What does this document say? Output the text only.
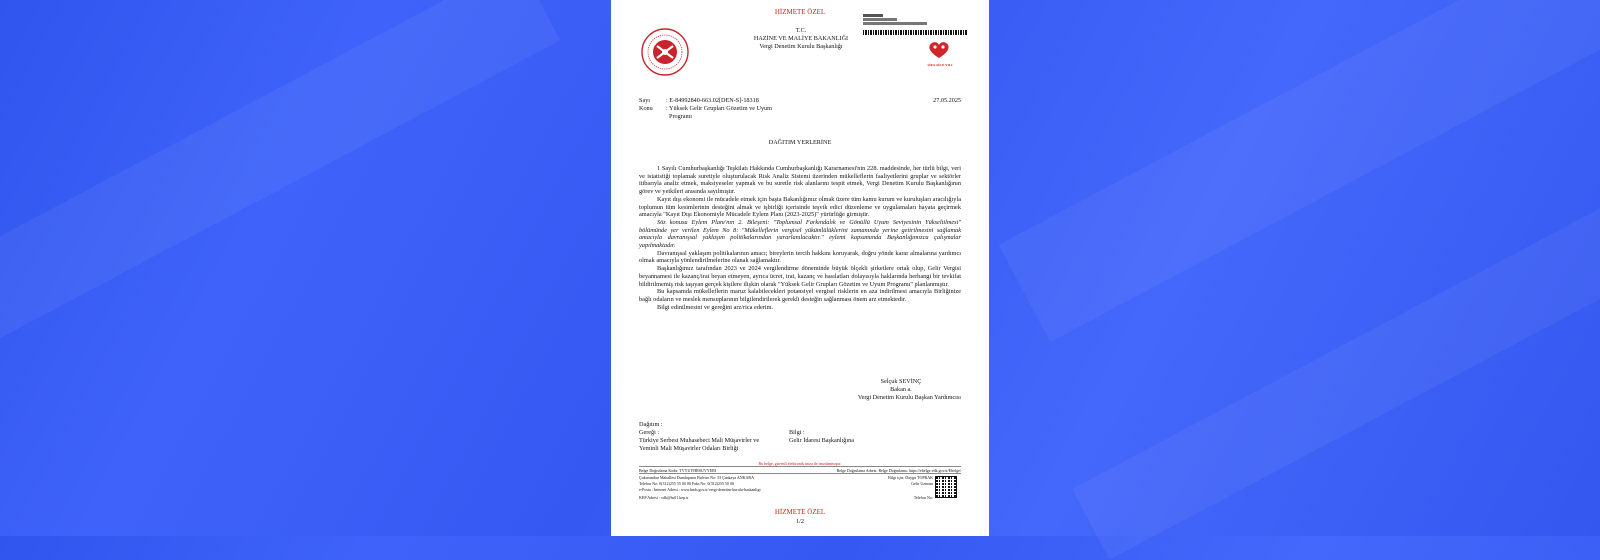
HİZMETE ÖZEL
T.C.
HAZİNE VE MALİYE BAKANLIĞI
Vergi Denetim Kurulu Başkanlığı
ŞİFA AİLE YILI
Sayı	: E-84992840-663.02[DEN-S]-18318	27.05.2025
Konu : Yüksek Gelir Grupları Gözetim ve Uyum
Programı
DAĞITIM YERLERİNE

1 Sayılı Cumhurbaşkanlığı Teşkilatı Hakkında Cumhurbaşkanlığı Kararnamesi'nin 228. maddesinde, her türlü bilgi, veri ve istatistiği toplamak suretiyle oluşturulacak Risk Analiz Sistemi üzerinden mükelleflerin faaliyetlerini gruplar ve sektörler itibarıyla analiz etmek, maksiyeseler yapmak ve bu suretle risk alanlarını tespit etmek, Vergi Denetim Kurulu Başkanlığının görev ve yetkileri arasında sayılmıştır.

Kayıt dışı ekonomi ile mücadele etmek için başta Bakanlığımız olmak üzere tüm kamu kurum ve kuruluşları aracılığıyla toplumun tüm kesimlerinin desteğini almak ve işbirliği içerisinde teşvik edici düzenleme ve uygulamaları hayata geçirmek amacıyla "Kayıt Dışı Ekonomiyle Mücadele Eylem Planı (2023-2025)" yürürlüğe girmiştir.

Söz konusu Eylem Planı'nın 2. Bileşeni: "Toplumsal Farkındalık ve Gönüllü Uyum Seviyesinin Yükseltilmesi" bölümünde yer verilen Eylem No 8: "Mükelleflerin vergisel yükümlülüklerini zamanında yerine getirilmesini sağlamak amacıyla davranışsal yaklaşım politikalarından yararlanılacaktır." eylemi kapsamında Başkanlığımızca çalışmalar yapılmaktadır.

Davranışsal yaklaşım politikalarının amacı; bireylerin tercih hakkını koruyarak, doğru yönde karar almalarına yardımcı olmak amacıyla yönlendirilmelerine olanak sağlamaktır.

Başkanlığımız tarafından 2023 ve 2024 vergilendirme döneminde büyük ölçekli şirketlere ortak olup, Gelir Vergisi beyannamesi ile kazanç/irat beyan etmeyen, ayrıca ücret, irat, kazanç ve hasılatları dolayısıyla haklarında herhangi bir tevkifat bildirilmemiş risk taşıyan gerçek kişilere ilişkin olarak "Yüksek Gelir Grupları Gözetim ve Uyum Programı" planlanmıştır.

Bu kapsamda mükelleflerin maruz kalabilecekleri potansiyel vergisel risklerin en aza indirilmesi amacıyla Birliğinize bağlı odaların ve meslek mensuplarının bilgilendirilerek gerekli desteğin sağlanması önem arz etmektedir.

Bilgi edinilmesini ve gereğini arz/rica ederim.

Selçuk SEVİNÇ
Bakan a.
Vergi Denetim Kurulu Başkan Yardımcısı
Dağıtım :
Gereği :
Türkiye Serbest Muhasebeci Mali Müşavirler ve
Yeminli Mali Müşavirler Odaları Birliği
Bilgi :
Gelir İdaresi Başkanlığına
Bu belge, güvenli elektronik imza ile imzalanmıştır.
Belge Doğrulama Kodu: TVYUYHRSUVYERI	Belge Doğrulama Adresi: Belge Doğrulama: https://ebelge.vdk.gov.tr/Ebelge/
Çukurambar Mahallesi Dumlupınar Bulvarı No: 33 Çankaya ANKARA	Bilgi için: Duygu TOPRAK
Telefon No: 0(312)255 55 00 00 Faks No: 0(312)255 50 00	Gelir Uzmanı
e-Posta : İnternet Adresi : www.hmb.gov.tr/vergi-denetim-kurulu-baskanligi
KEP Adresi : vdk@hs01.kep.tr	Telefon No:
HİZMETE ÖZEL
1/2
